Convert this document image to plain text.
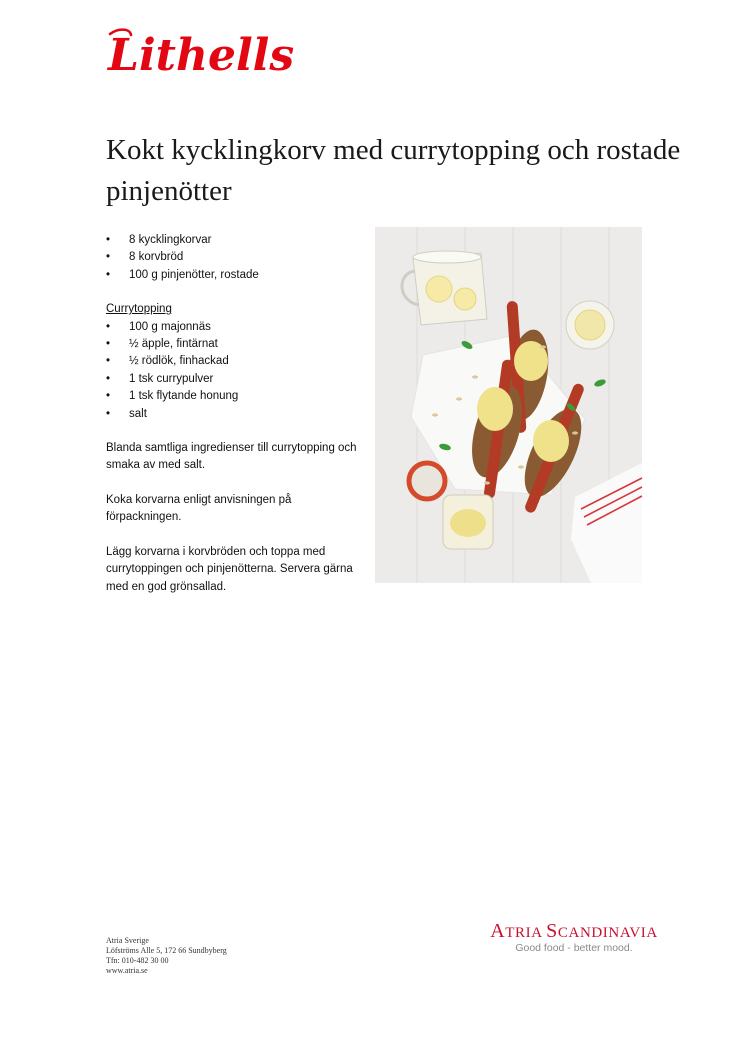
Lithells
Kokt kycklingkorv med currytopping och rostade pinjenötter
• 8 kycklingkorvar
• 8 korvbröd
• 100 g pinjenötter, rostade
Currytopping
• 100 g majonnäs
• ½ äpple, fintärnat
• ½ rödlök, finhackad
• 1 tsk currypulver
• 1 tsk flytande honung
• salt

Blanda samtliga ingredienser till currytopping och smaka av med salt.

Koka korvarna enligt anvisningen på förpackningen.

Lägg korvarna i korvbröden och toppa med currytoppingen och pinjenötterna. Servera gärna med en god grönsallad.

Atria Sverige
Löfströms Alle 5, 172 66 Sundbyberg
Tfn: 010-482 30 00
www.atria.se
ATRIA SCANDINAVIA
Good food - better mood.
